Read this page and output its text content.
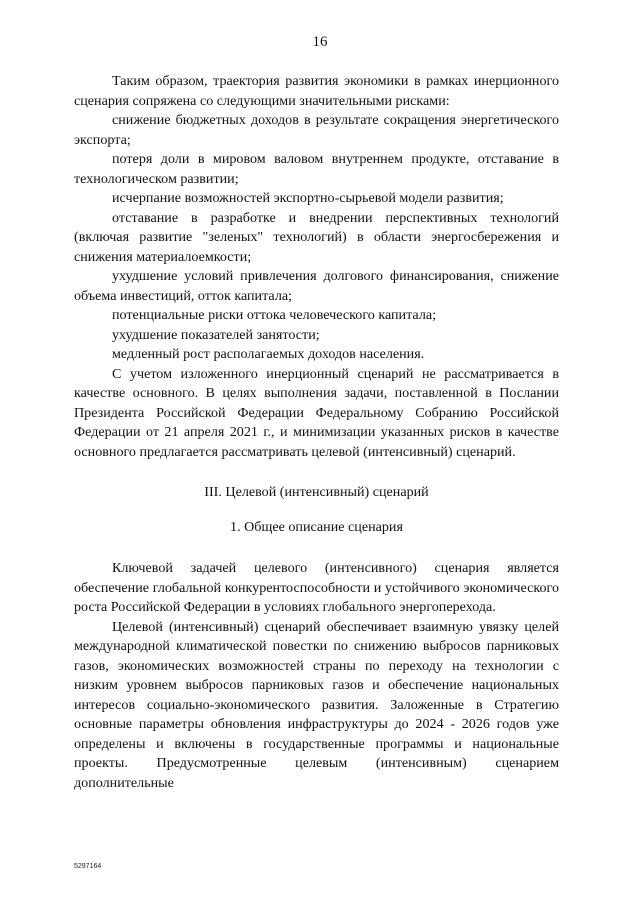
16

Таким образом, траектория развития экономики в рамках инерционного сценария сопряжена со следующими значительными рисками:

снижение бюджетных доходов в результате сокращения энергетического экспорта;

потеря доли в мировом валовом внутреннем продукте, отставание в технологическом развитии;

исчерпание возможностей экспортно-сырьевой модели развития;

отставание в разработке и внедрении перспективных технологий (включая развитие "зеленых" технологий) в области энергосбережения и снижения материалоемкости;

ухудшение условий привлечения долгового финансирования, снижение объема инвестиций, отток капитала;

потенциальные риски оттока человеческого капитала;

ухудшение показателей занятости;

медленный рост располагаемых доходов населения.

С учетом изложенного инерционный сценарий не рассматривается в качестве основного. В целях выполнения задачи, поставленной в Послании Президента Российской Федерации Федеральному Собранию Российской Федерации от 21 апреля 2021 г., и минимизации указанных рисков в качестве основного предлагается рассматривать целевой (интенсивный) сценарий.

III. Целевой (интенсивный) сценарий

1. Общее описание сценария

Ключевой задачей целевого (интенсивного) сценария является обеспечение глобальной конкурентоспособности и устойчивого экономического роста Российской Федерации в условиях глобального энергоперехода.

Целевой (интенсивный) сценарий обеспечивает взаимную увязку целей международной климатической повестки по снижению выбросов парниковых газов, экономических возможностей страны по переходу на технологии с низким уровнем выбросов парниковых газов и обеспечение национальных интересов социально-экономического развития. Заложенные в Стратегию основные параметры обновления инфраструктуры до 2024 - 2026 годов уже определены и включены в государственные программы и национальные проекты. Предусмотренные целевым (интенсивным) сценарием дополнительные

5297164
